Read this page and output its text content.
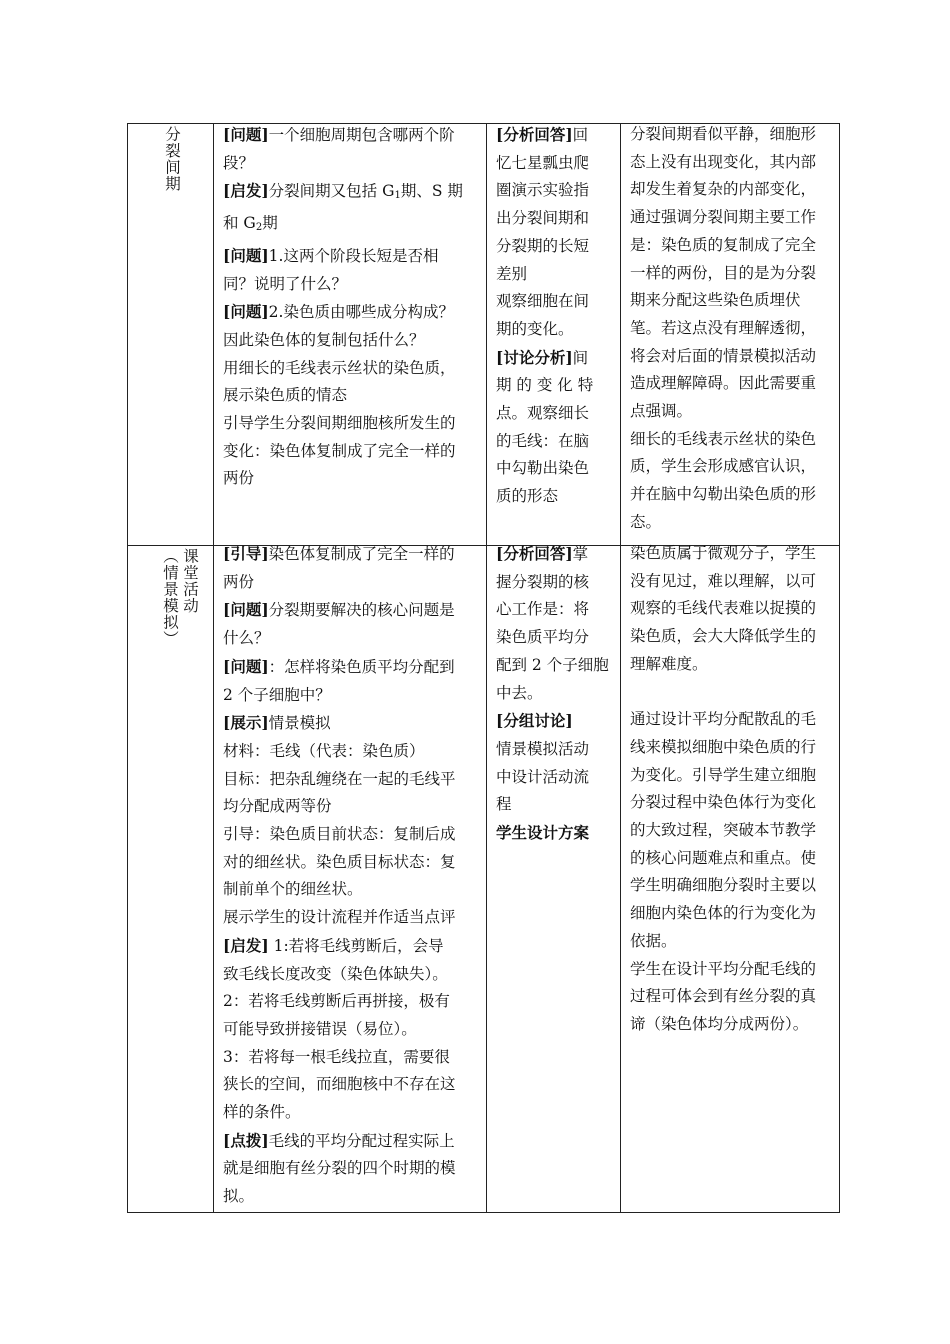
分裂间期	[问题]一个细胞周期包含哪两个阶
段？
[启发]分裂间期又包括 $G_1$期、S 期
和 $G_2$期
[问题]1.这两个阶段长短是否相
同？说明了什么？
[问题]2.染色质由哪些成分构成？
因此染色体的复制包括什么？
用细长的毛线表示丝状的染色质，
展示染色质的情态
引导学生分裂间期细胞核所发生的
变化：染色体复制成了完全一样的
两份
[分析回答]回
忆七星瓢虫爬
圈演示实验指
出分裂间期和
分裂期的长短
差别
观察细胞在间
期的变化。
[讨论分析]间
期 的 变 化 特
点。观察细长
的毛线：在脑
中勾勒出染色
质的形态
分裂间期看似平静，细胞形
态上没有出现变化，其内部
却发生着复杂的内部变化，
通过强调分裂间期主要工作
是：染色质的复制成了完全
一样的两份，目的是为分裂
期来分配这些染色质埋伏
笔。若这点没有理解透彻，
将会对后面的情景模拟活动
造成理解障碍。因此需要重
点强调。
细长的毛线表示丝状的染色
质，学生会形成感官认识，
并在脑中勾勒出染色质的形
态。
课堂活动
（情景模拟）	[引导]染色体复制成了完全一样的
两份
[问题]分裂期要解决的核心问题是
什么？
[问题]：怎样将染色质平均分配到
2 个子细胞中？
[展示]情景模拟
材料：毛线（代表：染色质）
目标：把杂乱缠绕在一起的毛线平
均分配成两等份
引导：染色质目前状态：复制后成
对的细丝状。染色质目标状态：复
制前单个的细丝状。
展示学生的设计流程并作适当点评
[启发] 1:若将毛线剪断后，会导
致毛线长度改变（染色体缺失）。
2：若将毛线剪断后再拼接，极有
可能导致拼接错误（易位）。
3：若将每一根毛线拉直，需要很
狭长的空间，而细胞核中不存在这
样的条件。
[点拨]毛线的平均分配过程实际上
就是细胞有丝分裂的四个时期的模
拟。
[分析回答]掌
握分裂期的核
心工作是：将
染色质平均分
配到 2 个子细胞
中去。
[分组讨论]
情景模拟活动
中设计活动流
程
学生设计方案
染色质属于微观分子，学生
没有见过，难以理解，以可
观察的毛线代表难以捉摸的
染色质，会大大降低学生的
理解难度。
通过设计平均分配散乱的毛
线来模拟细胞中染色质的行
为变化。引导学生建立细胞
分裂过程中染色体行为变化
的大致过程，突破本节教学
的核心问题难点和重点。使
学生明确细胞分裂时主要以
细胞内染色体的行为变化为
依据。
学生在设计平均分配毛线的
过程可体会到有丝分裂的真
谛（染色体均分成两份）。
